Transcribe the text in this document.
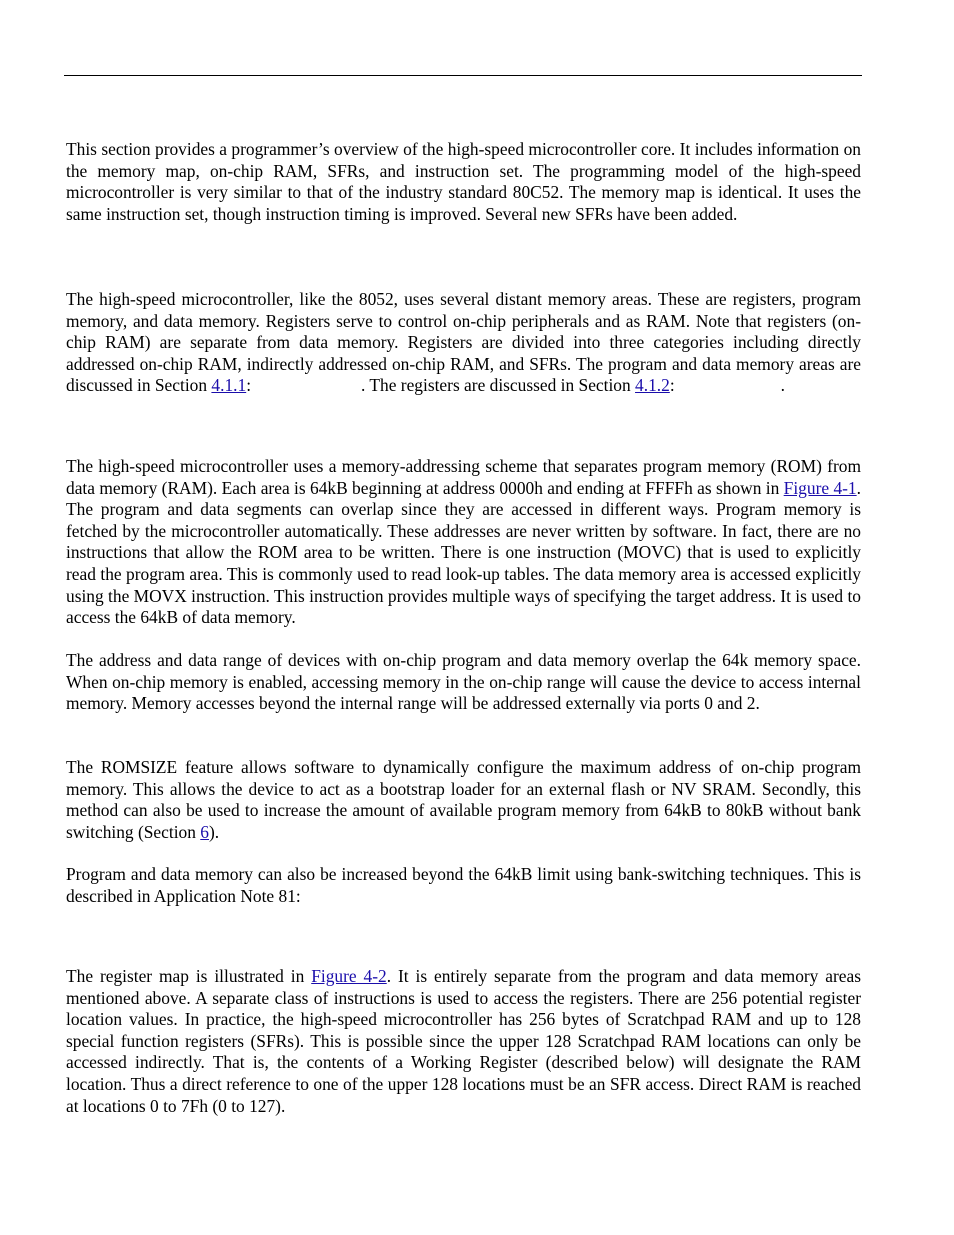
This section provides a programmer’s overview of the high-speed microcontroller core. It includes information on the memory map, on-chip RAM, SFRs, and instruction set. The programming model of the high-speed microcontroller is very similar to that of the industry standard 80C52. The memory map is identical. It uses the same instruction set, though instruction timing is improved. Several new SFRs have been added.

The high-speed microcontroller, like the 8052, uses several distant memory areas. These are registers, program memory, and data memory. Registers serve to control on-chip peripherals and as RAM. Note that registers (on-chip RAM) are separate from data memory. Registers are divided into three categories including directly addressed on-chip RAM, indirectly addressed on-chip RAM, and SFRs. The program and data memory areas are discussed in Section 4.1.1:	. The registers are discussed in Section 4.1.2:	.

The high-speed microcontroller uses a memory-addressing scheme that separates program memory (ROM) from data memory (RAM). Each area is 64kB beginning at address 0000h and ending at FFFFh as shown in Figure 4-1. The program and data segments can overlap since they are accessed in different ways. Program memory is fetched by the microcontroller automatically. These addresses are never written by software. In fact, there are no instructions that allow the ROM area to be written. There is one instruction (MOVC) that is used to explicitly read the program area. This is commonly used to read look-up tables. The data memory area is accessed explicitly using the MOVX instruction. This instruction provides multiple ways of specifying the target address. It is used to access the 64kB of data memory.

The address and data range of devices with on-chip program and data memory overlap the 64k memory space. When on-chip memory is enabled, accessing memory in the on-chip range will cause the device to access internal memory. Memory accesses beyond the internal range will be addressed externally via ports 0 and 2.

The ROMSIZE feature allows software to dynamically configure the maximum address of on-chip program memory. This allows the device to act as a bootstrap loader for an external flash or NV SRAM. Secondly, this method can also be used to increase the amount of available program memory from 64kB to 80kB without bank switching (Section 6).

Program and data memory can also be increased beyond the 64kB limit using bank-switching techniques. This is described in Application Note 81:

The register map is illustrated in Figure 4-2. It is entirely separate from the program and data memory areas mentioned above. A separate class of instructions is used to access the registers. There are 256 potential register location values. In practice, the high-speed microcontroller has 256 bytes of Scratchpad RAM and up to 128 special function registers (SFRs). This is possible since the upper 128 Scratchpad RAM locations can only be accessed indirectly. That is, the contents of a Working Register (described below) will designate the RAM location. Thus a direct reference to one of the upper 128 locations must be an SFR access. Direct RAM is reached at locations 0 to 7Fh (0 to 127).
